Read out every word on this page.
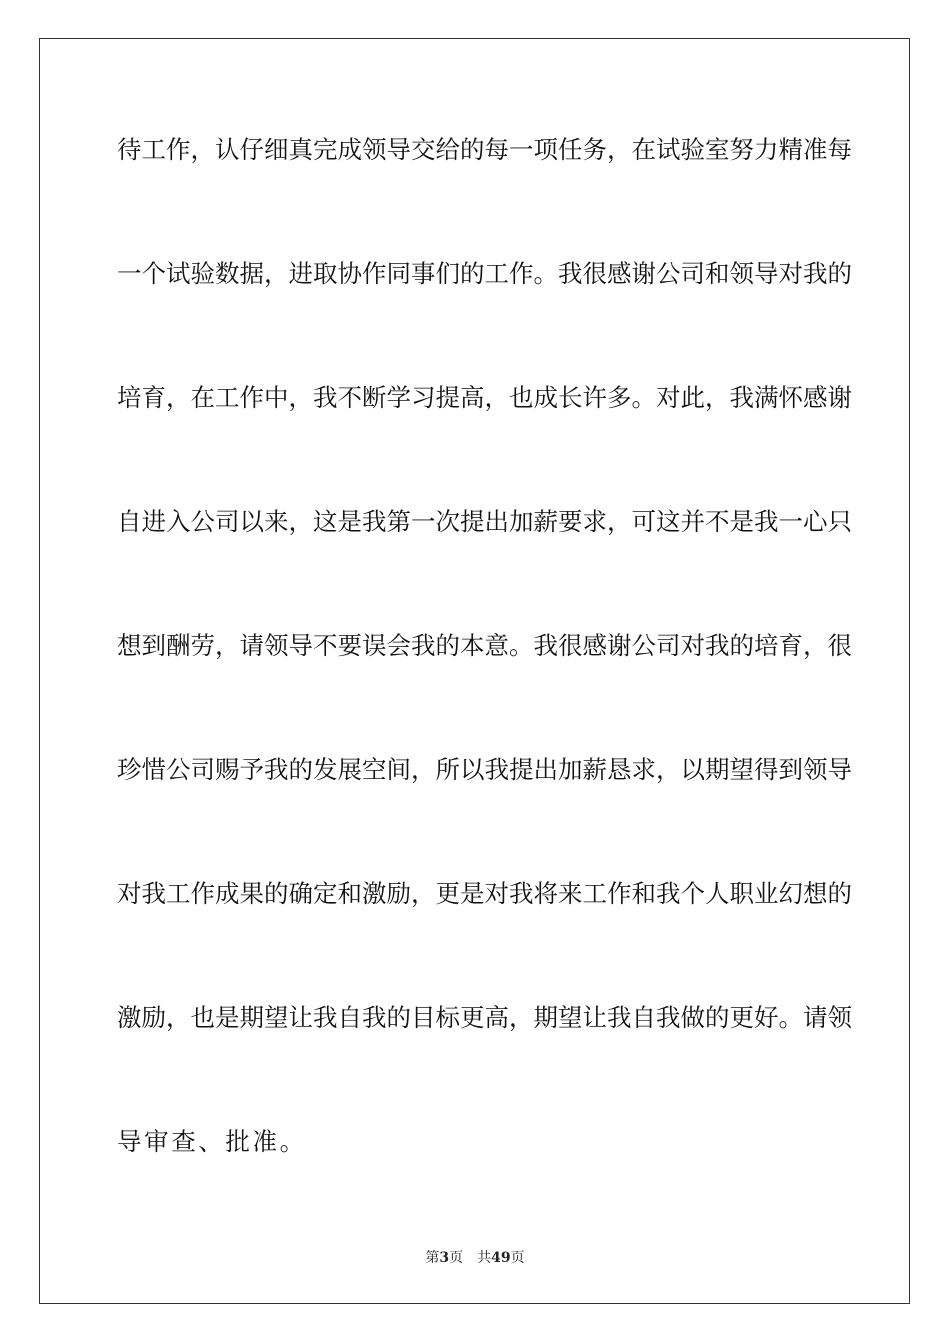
待工作，认仔细真完成领导交给的每一项任务，在试验室努力精准每
一个试验数据，进取协作同事们的工作。我很感谢公司和领导对我的
培育，在工作中，我不断学习提高，也成长许多。对此，我满怀感谢
自进入公司以来，这是我第一次提出加薪要求，可这并不是我一心只
想到酬劳，请领导不要误会我的本意。我很感谢公司对我的培育，很
珍惜公司赐予我的发展空间，所以我提出加薪恳求，以期望得到领导
对我工作成果的确定和激励，更是对我将来工作和我个人职业幻想的
激励，也是期望让我自我的目标更高，期望让我自我做的更好。请领
导审查、批准。
第3页 共49页
